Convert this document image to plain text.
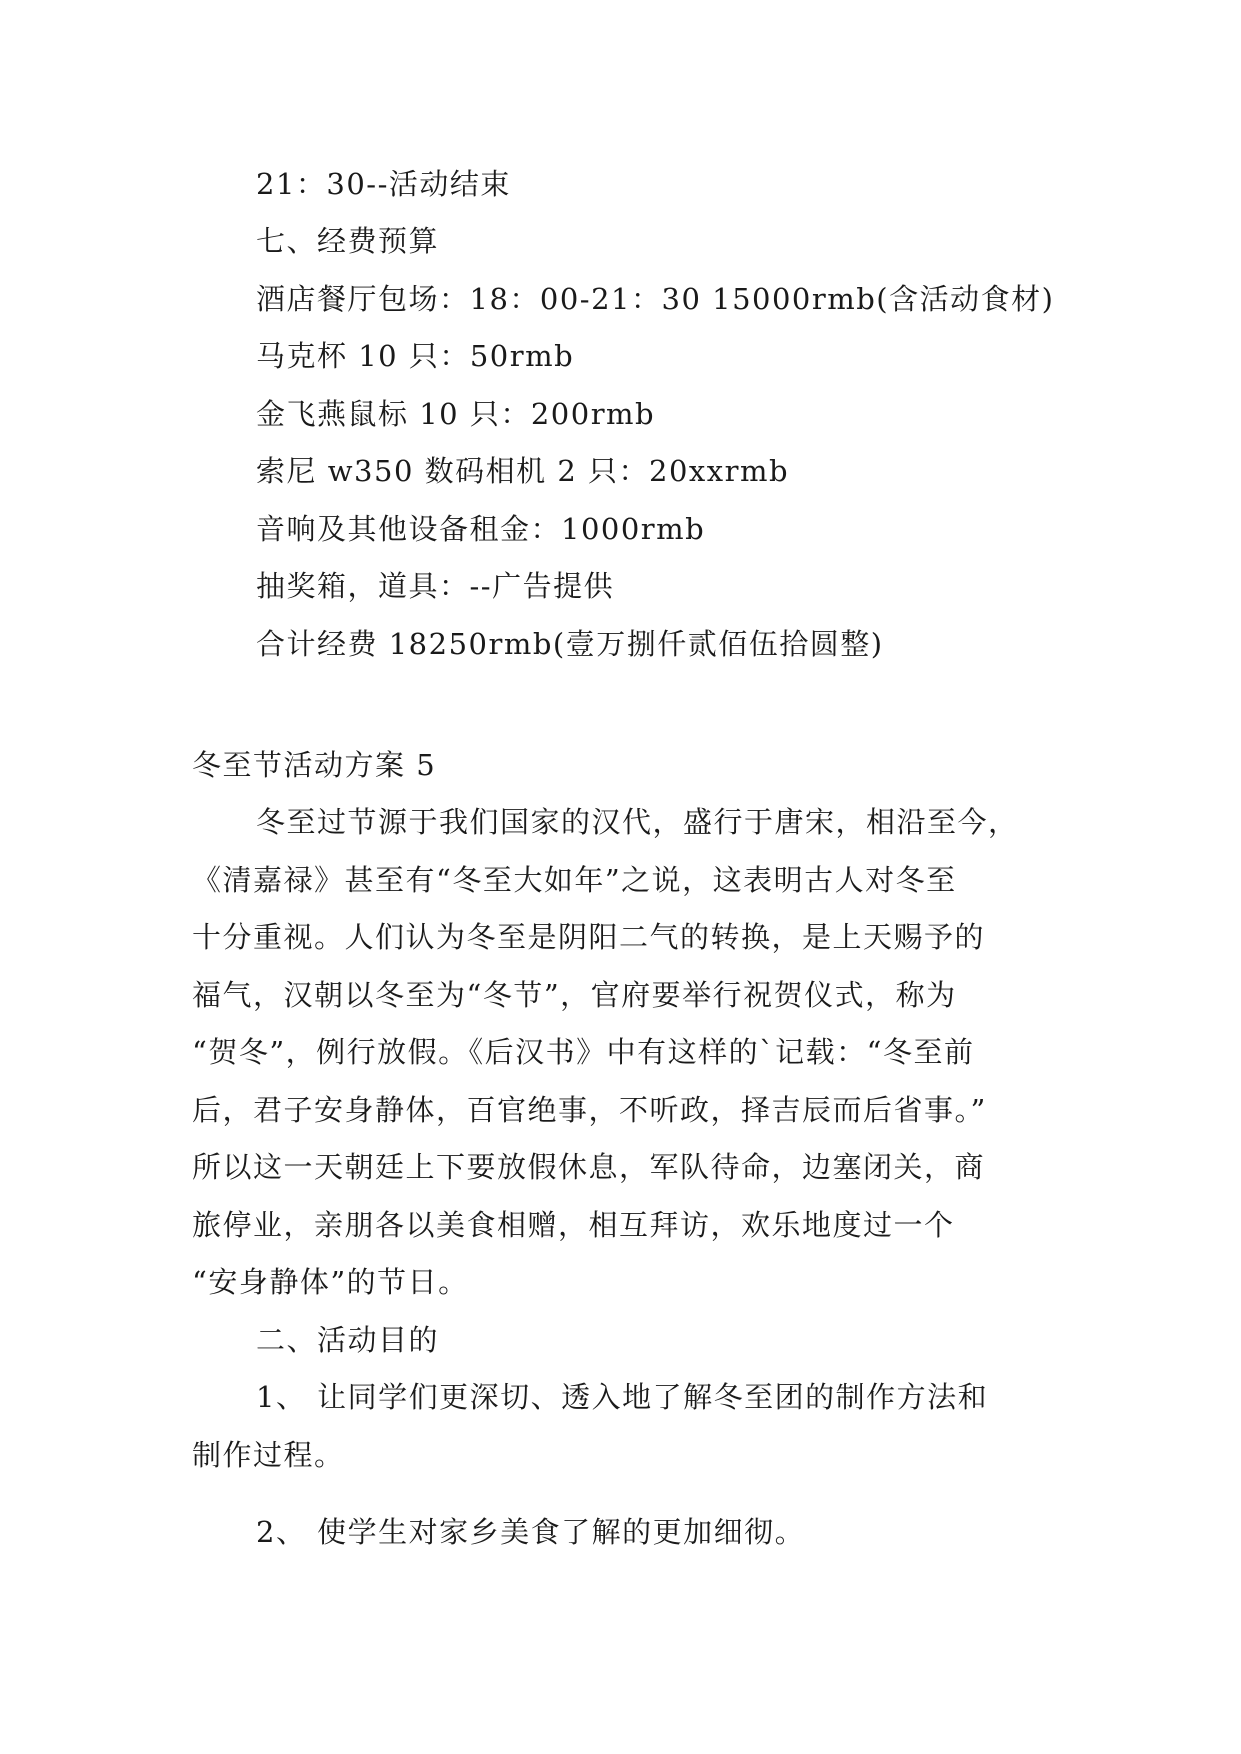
21：30--活动结束
七、经费预算
酒店餐厅包场：18：00-21：30 15000rmb(含活动食材)
马克杯 10 只：50rmb
金飞燕鼠标 10 只：200rmb
索尼 w350 数码相机 2 只：20xxrmb
音响及其他设备租金：1000rmb
抽奖箱，道具：--广告提供
合计经费 18250rmb(壹万捌仟贰佰伍拾圆整)
冬至节活动方案 5
冬至过节源于我们国家的汉代，盛行于唐宋，相沿至今，
《清嘉禄》甚至有“冬至大如年”之说，这表明古人对冬至
十分重视。人们认为冬至是阴阳二气的转换，是上天赐予的
福气，汉朝以冬至为“冬节”，官府要举行祝贺仪式，称为
“贺冬”，例行放假。《后汉书》中有这样的`记载：“冬至前
后，君子安身静体，百官绝事，不听政，择吉辰而后省事。”
所以这一天朝廷上下要放假休息，军队待命，边塞闭关，商
旅停业，亲朋各以美食相赠，相互拜访，欢乐地度过一个
“安身静体”的节日。
二、活动目的
1、 让同学们更深切、透入地了解冬至团的制作方法和
制作过程。
2、 使学生对家乡美食了解的更加细彻。
